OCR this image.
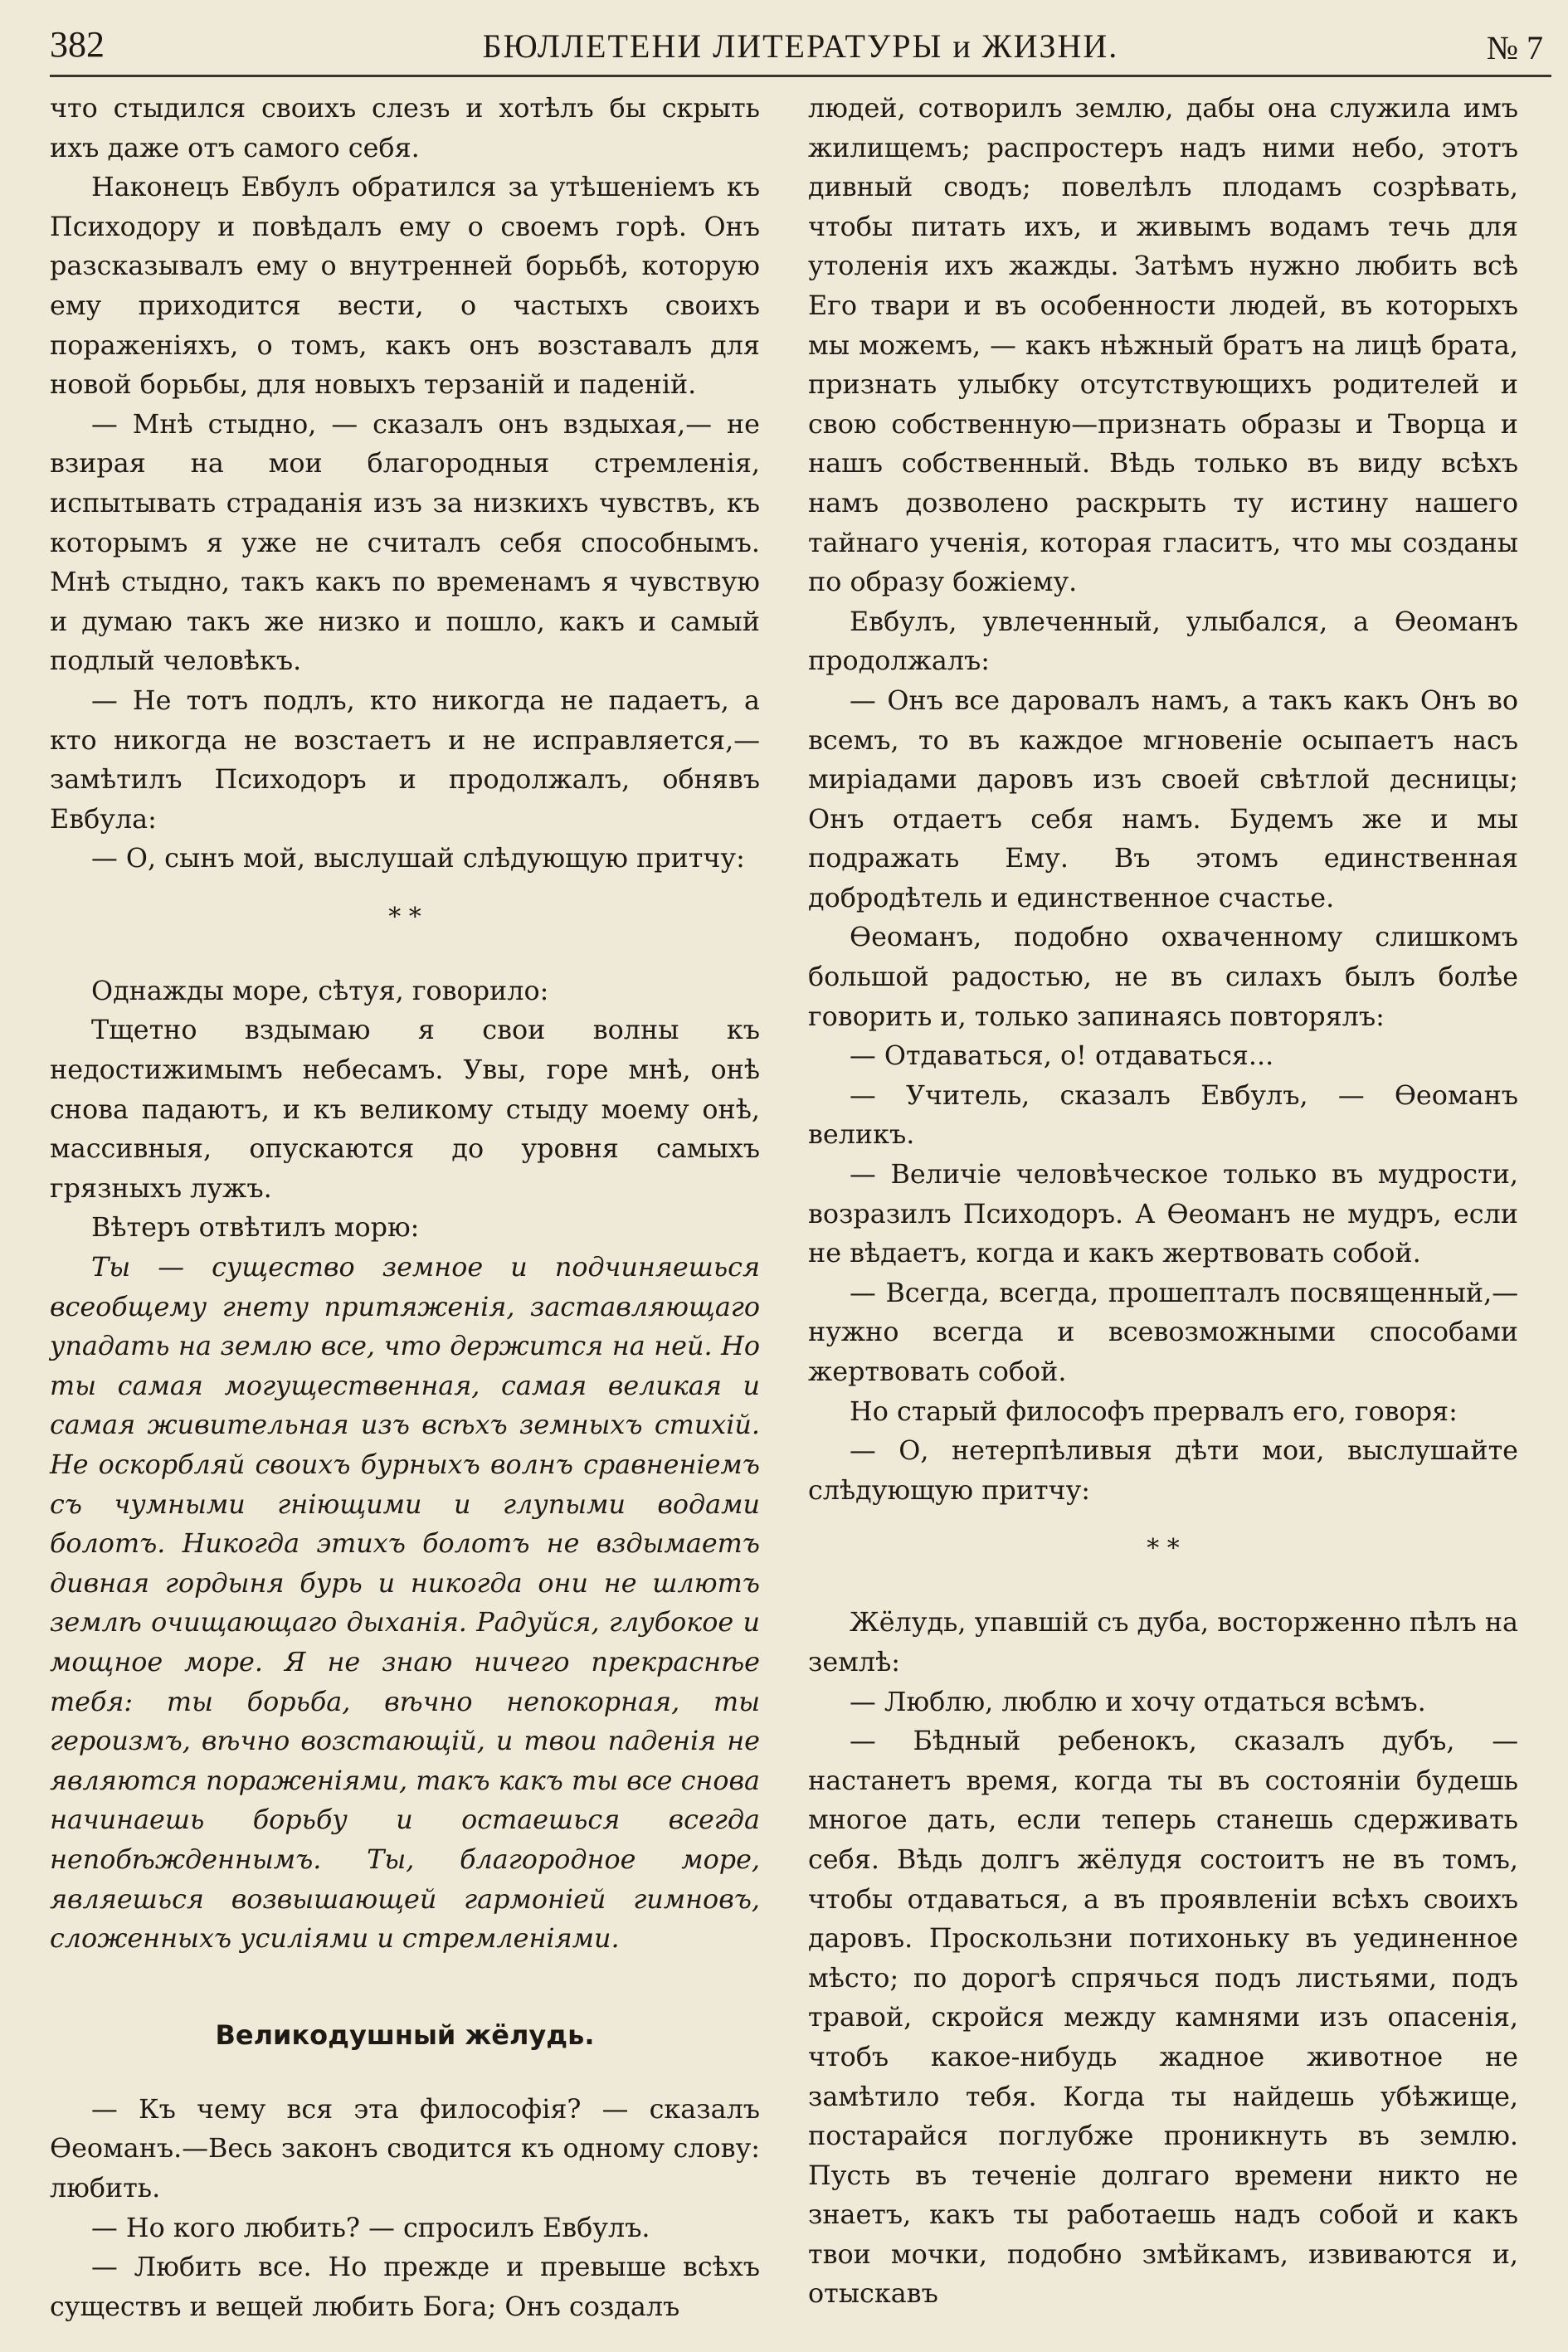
382	БЮЛЛЕТЕНИ ЛИТЕРАТУРЫ и ЖИЗНИ.	№ 7

что стыдился своихъ слезъ и хотѣлъ бы скрыть ихъ даже отъ самого себя.

Наконецъ Евбулъ обратился за утѣшеніемъ къ Психодору и повѣдалъ ему о своемъ горѣ. Онъ разсказывалъ ему о внутренней борьбѣ, которую ему приходится вести, о частыхъ своихъ пораженіяхъ, о томъ, какъ онъ возставалъ для новой борьбы, для новыхъ терзаній и паденій.

— Мнѣ стыдно, — сказалъ онъ вздыхая,— не взирая на мои благородныя стремленія, испытывать страданія изъ за низкихъ чувствъ, къ которымъ я уже не считалъ себя способнымъ. Мнѣ стыдно, такъ какъ по временамъ я чувствую и думаю такъ же низко и пошло, какъ и самый подлый человѣкъ.

— Не тотъ подлъ, кто никогда не падаетъ, а кто никогда не возстаетъ и не исправляется,— замѣтилъ Психодоръ и продолжалъ, обнявъ Евбула:

— О, сынъ мой, выслушай слѣдующую притчу:

* *

Однажды море, сѣтуя, говорило:

Тщетно вздымаю я свои волны къ недостижимымъ небесамъ. Увы, горе мнѣ, онѣ снова падаютъ, и къ великому стыду моему онѣ, массивныя, опускаются до уровня самыхъ грязныхъ лужъ.

Вѣтеръ отвѣтилъ морю:

Ты — существо земное и подчиняешься всеобщему гнету притяженія, заставляющаго упадать на землю все, что держится на ней. Но ты самая могущественная, самая великая и самая живительная изъ всѣхъ земныхъ стихій. Не оскорбляй своихъ бурныхъ волнъ сравненіемъ съ чумными гніющими и глупыми водами болотъ. Никогда этихъ болотъ не вздымаетъ дивная гордыня бурь и никогда они не шлютъ землѣ очищающаго дыханія. Радуйся, глубокое и мощное море. Я не знаю ничего прекраснѣе тебя: ты борьба, вѣчно непокорная, ты героизмъ, вѣчно возстающій, и твои паденія не являются пораженіями, такъ какъ ты все снова начинаешь борьбу и остаешься всегда непобѣжденнымъ. Ты, благородное море, являешься возвышающей гармоніей гимновъ, сложенныхъ усиліями и стремленіями.

Великодушный жёлудь.

— Къ чему вся эта философія? — сказалъ Ѳеоманъ.—Весь законъ сводится къ одному слову: любить.

— Но кого любить? — спросилъ Евбулъ.

— Любить все. Но прежде и превыше всѣхъ существъ и вещей любить Бога; Онъ создалъ

людей, сотворилъ землю, дабы она служила имъ жилищемъ; распростеръ надъ ними небо, этотъ дивный сводъ; повелѣлъ плодамъ созрѣвать, чтобы питать ихъ, и живымъ водамъ течь для утоленія ихъ жажды. Затѣмъ нужно любить всѣ Его твари и въ особенности людей, въ которыхъ мы можемъ, — какъ нѣжный братъ на лицѣ брата, признать улыбку отсутствующихъ родителей и свою собственную—признать образы и Творца и нашъ собственный. Вѣдь только въ виду всѣхъ намъ дозволено раскрыть ту истину нашего тайнаго ученія, которая гласитъ, что мы созданы по образу божіему.

Евбулъ, увлеченный, улыбался, а Ѳеоманъ продолжалъ:

— Онъ все даровалъ намъ, а такъ какъ Онъ во всемъ, то въ каждое мгновеніе осыпаетъ насъ миріадами даровъ изъ своей свѣтлой десницы; Онъ отдаетъ себя намъ. Будемъ же и мы подражать Ему. Въ этомъ единственная добродѣтель и единственное счастье.

Ѳеоманъ, подобно охваченному слишкомъ большой радостью, не въ силахъ былъ болѣе говорить и, только запинаясь повторялъ:

— Отдаваться, о! отдаваться...

— Учитель, сказалъ Евбулъ, — Ѳеоманъ великъ.

— Величіе человѣческое только въ мудрости, возразилъ Психодоръ. А Ѳеоманъ не мудръ, если не вѣдаетъ, когда и какъ жертвовать собой.

— Всегда, всегда, прошепталъ посвященный,—нужно всегда и всевозможными способами жертвовать собой.

Но старый философъ прервалъ его, говоря:

— О, нетерпѣливыя дѣти мои, выслушайте слѣдующую притчу:

* *

Жёлудь, упавшій съ дуба, восторженно пѣлъ на землѣ:

— Люблю, люблю и хочу отдаться всѣмъ.

— Бѣдный ребенокъ, сказалъ дубъ, — настанетъ время, когда ты въ состояніи будешь многое дать, если теперь станешь сдерживать себя. Вѣдь долгъ жёлудя состоитъ не въ томъ, чтобы отдаваться, а въ проявленіи всѣхъ своихъ даровъ. Проскользни потихоньку въ уединенное мѣсто; по дорогѣ спрячься подъ листьями, подъ травой, скройся между камнями изъ опасенія, чтобъ какое-нибудь жадное животное не замѣтило тебя. Когда ты найдешь убѣжище, постарайся поглубже проникнуть въ землю. Пусть въ теченіе долгаго времени никто не знаетъ, какъ ты работаешь надъ собой и какъ твои мочки, подобно змѣйкамъ, извиваются и, отыскавъ
